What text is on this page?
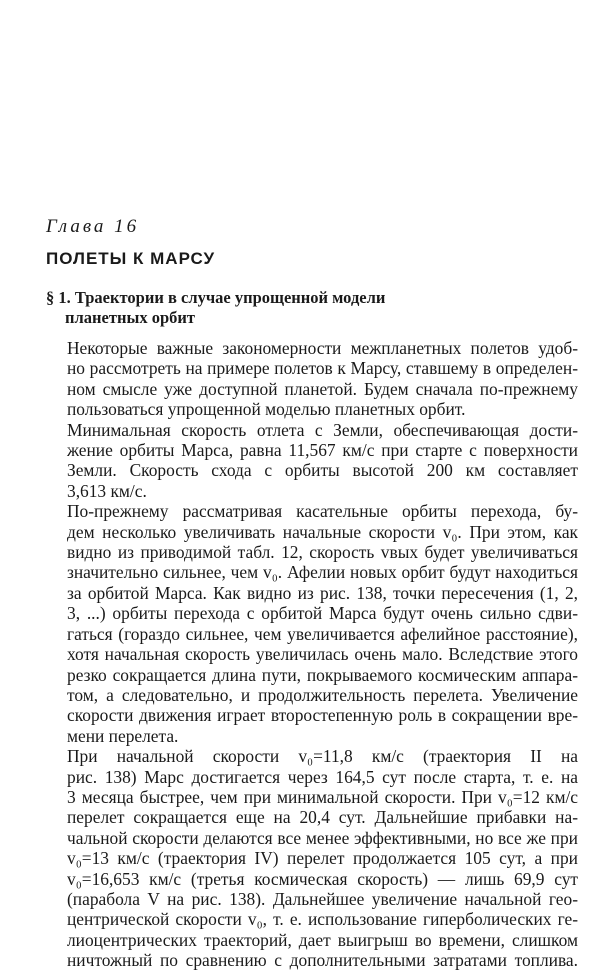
Глава 16
ПОЛЕТЫ К МАРСУ
§ 1. Траектории в случае упрощенной модели
планетных орбит

Некоторые важные закономерности межпланетных полетов удоб-
но рассмотреть на примере полетов к Марсу, ставшему в определен-
ном смысле уже доступной планетой. Будем сначала по-прежнему
пользоваться упрощенной моделью планетных орбит.

Минимальная скорость отлета с Земли, обеспечивающая дости-
жение орбиты Марса, равна 11,567 км/с при старте с поверхности
Земли. Скорость схода с орбиты высотой 200 км составляет
3,613 км/с.

По-прежнему рассматривая касательные орбиты перехода, бу-
дем несколько увеличивать начальные скорости v₀. При этом, как
видно из приводимой табл. 12, скорость vвых будет увеличиваться
значительно сильнее, чем v₀. Афелии новых орбит будут находиться
за орбитой Марса. Как видно из рис. 138, точки пересечения (1, 2,
3, ...) орбиты перехода с орбитой Марса будут очень сильно сдви-
гаться (гораздо сильнее, чем увеличивается афелийное расстояние),
хотя начальная скорость увеличилась очень мало. Вследствие этого
резко сокращается длина пути, покрываемого космическим аппара-
том, а следовательно, и продолжительность перелета. Увеличение
скорости движения играет второстепенную роль в сокращении вре-
мени перелета.

При начальной скорости v₀=11,8 км/с (траектория II на
рис. 138) Марс достигается через 164,5 сут после старта, т. е. на
3 месяца быстрее, чем при минимальной скорости. При v₀=12 км/с
перелет сокращается еще на 20,4 сут. Дальнейшие прибавки на-
чальной скорости делаются все менее эффективными, но все же при
v₀=13 км/с (траектория IV) перелет продолжается 105 сут, а при
v₀=16,653 км/с (третья космическая скорость) — лишь 69,9 сут
(парабола V на рис. 138). Дальнейшее увеличение начальной гео-
центрической скорости v₀, т. е. использование гиперболических ге-
лиоцентрических траекторий, дает выигрыш во времени, слишком
ничтожный по сравнению с дополнительными затратами топлива.
